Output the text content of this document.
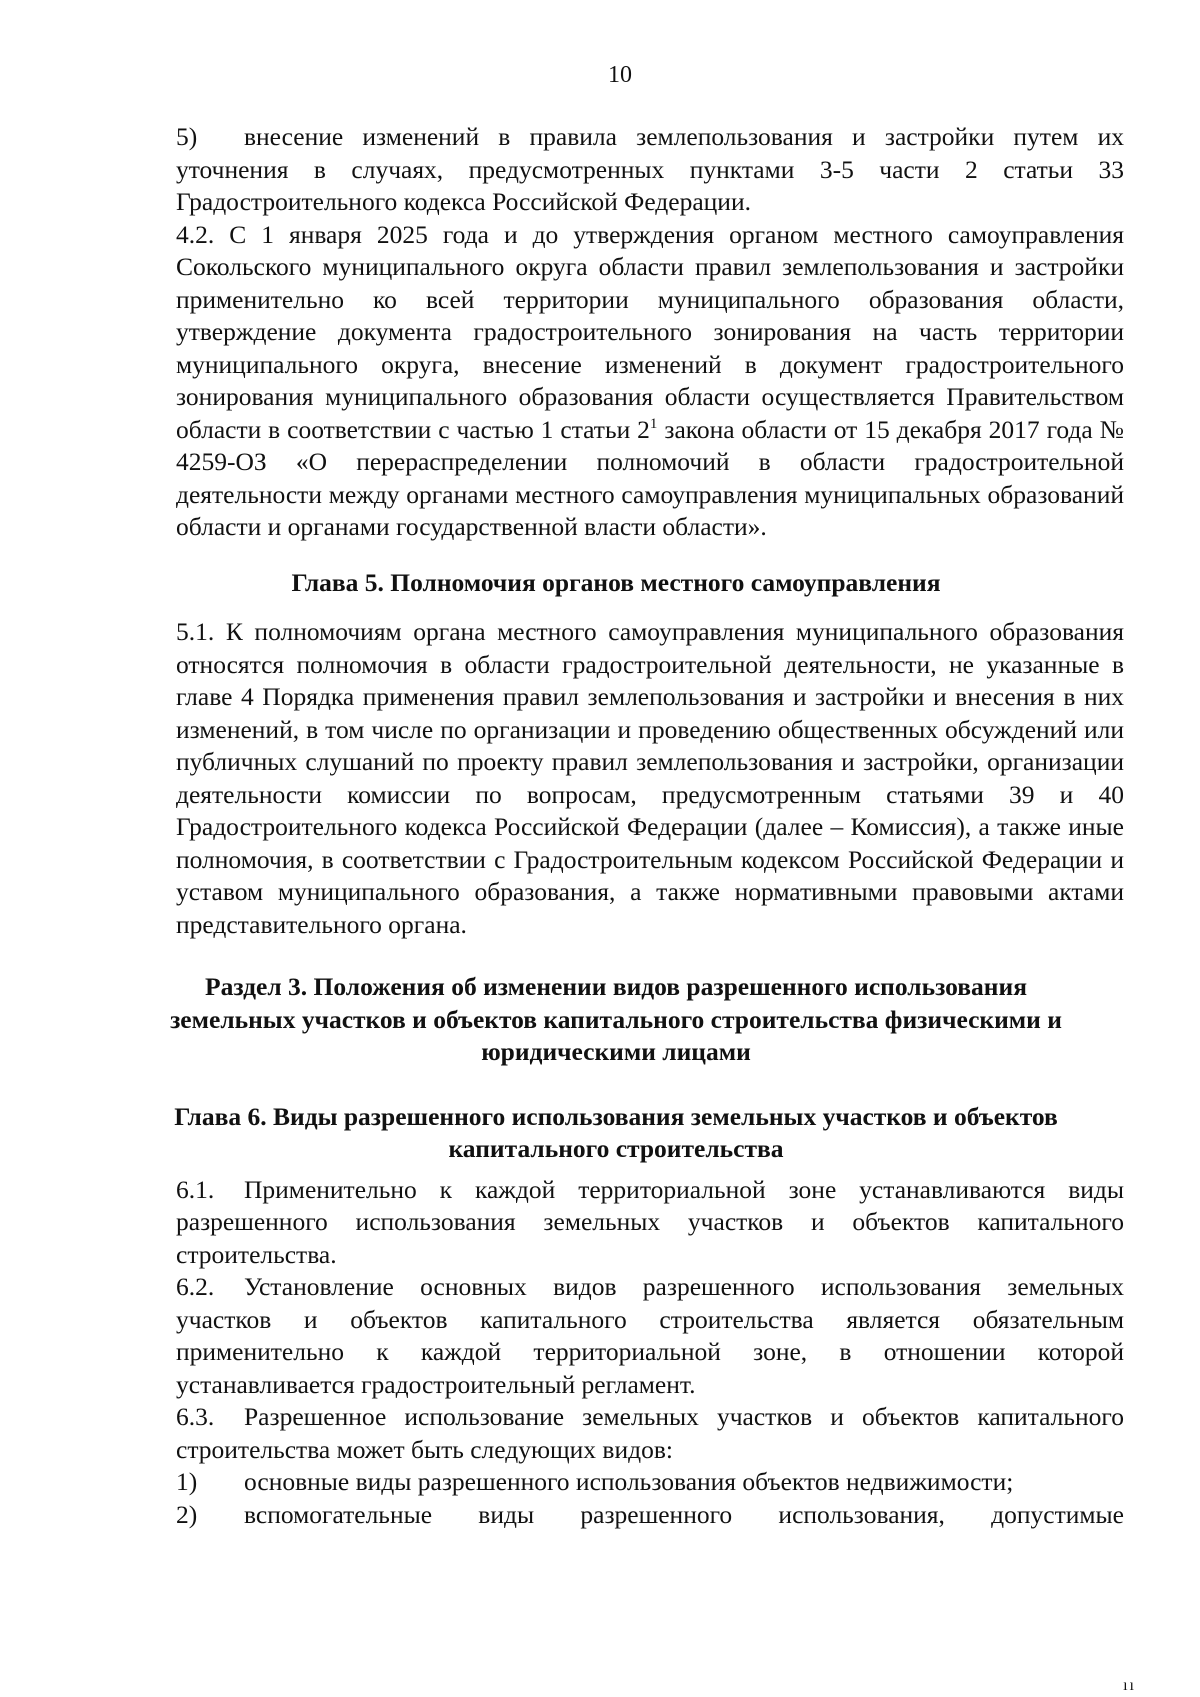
10

5) внесение изменений в правила землепользования и застройки путем их уточнения в случаях, предусмотренных пунктами 3-5 части 2 статьи 33 Градостроительного кодекса Российской Федерации.

4.2. С 1 января 2025 года и до утверждения органом местного самоуправления Сокольского муниципального округа области правил землепользования и застройки применительно ко всей территории муниципального образования области, утверждение документа градостроительного зонирования на часть территории муниципального округа, внесение изменений в документ градостроительного зонирования муниципального образования области осуществляется Правительством области в соответствии с частью 1 статьи $2^1$ закона области от 15 декабря 2017 года № 4259-ОЗ «О перераспределении полномочий в области градостроительной деятельности между органами местного самоуправления муниципальных образований области и органами государственной власти области».

Глава 5. Полномочия органов местного самоуправления

5.1. К полномочиям органа местного самоуправления муниципального образования относятся полномочия в области градостроительной деятельности, не указанные в главе 4 Порядка применения правил землепользования и застройки и внесения в них изменений, в том числе по организации и проведению общественных обсуждений или публичных слушаний по проекту правил землепользования и застройки, организации деятельности комиссии по вопросам, предусмотренным статьями 39 и 40 Градостроительного кодекса Российской Федерации (далее – Комиссия), а также иные полномочия, в соответствии с Градостроительным кодексом Российской Федерации и уставом муниципального образования, а также нормативными правовыми актами представительного органа.

Раздел 3. Положения об изменении видов разрешенного использования
земельных участков и объектов капитального строительства физическими и
юридическими лицами
Глава 6. Виды разрешенного использования земельных участков и объектов
капитального строительства

6.1. Применительно к каждой территориальной зоне устанавливаются виды разрешенного использования земельных участков и объектов капитального строительства.

6.2. Установление основных видов разрешенного использования земельных участков и объектов капитального строительства является обязательным применительно к каждой территориальной зоне, в отношении которой устанавливается градостроительный регламент.

6.3. Разрешенное использование земельных участков и объектов капитального строительства может быть следующих видов:

1) основные виды разрешенного использования объектов недвижимости;

2) вспомогательные виды разрешенного использования, допустимые

ıı
